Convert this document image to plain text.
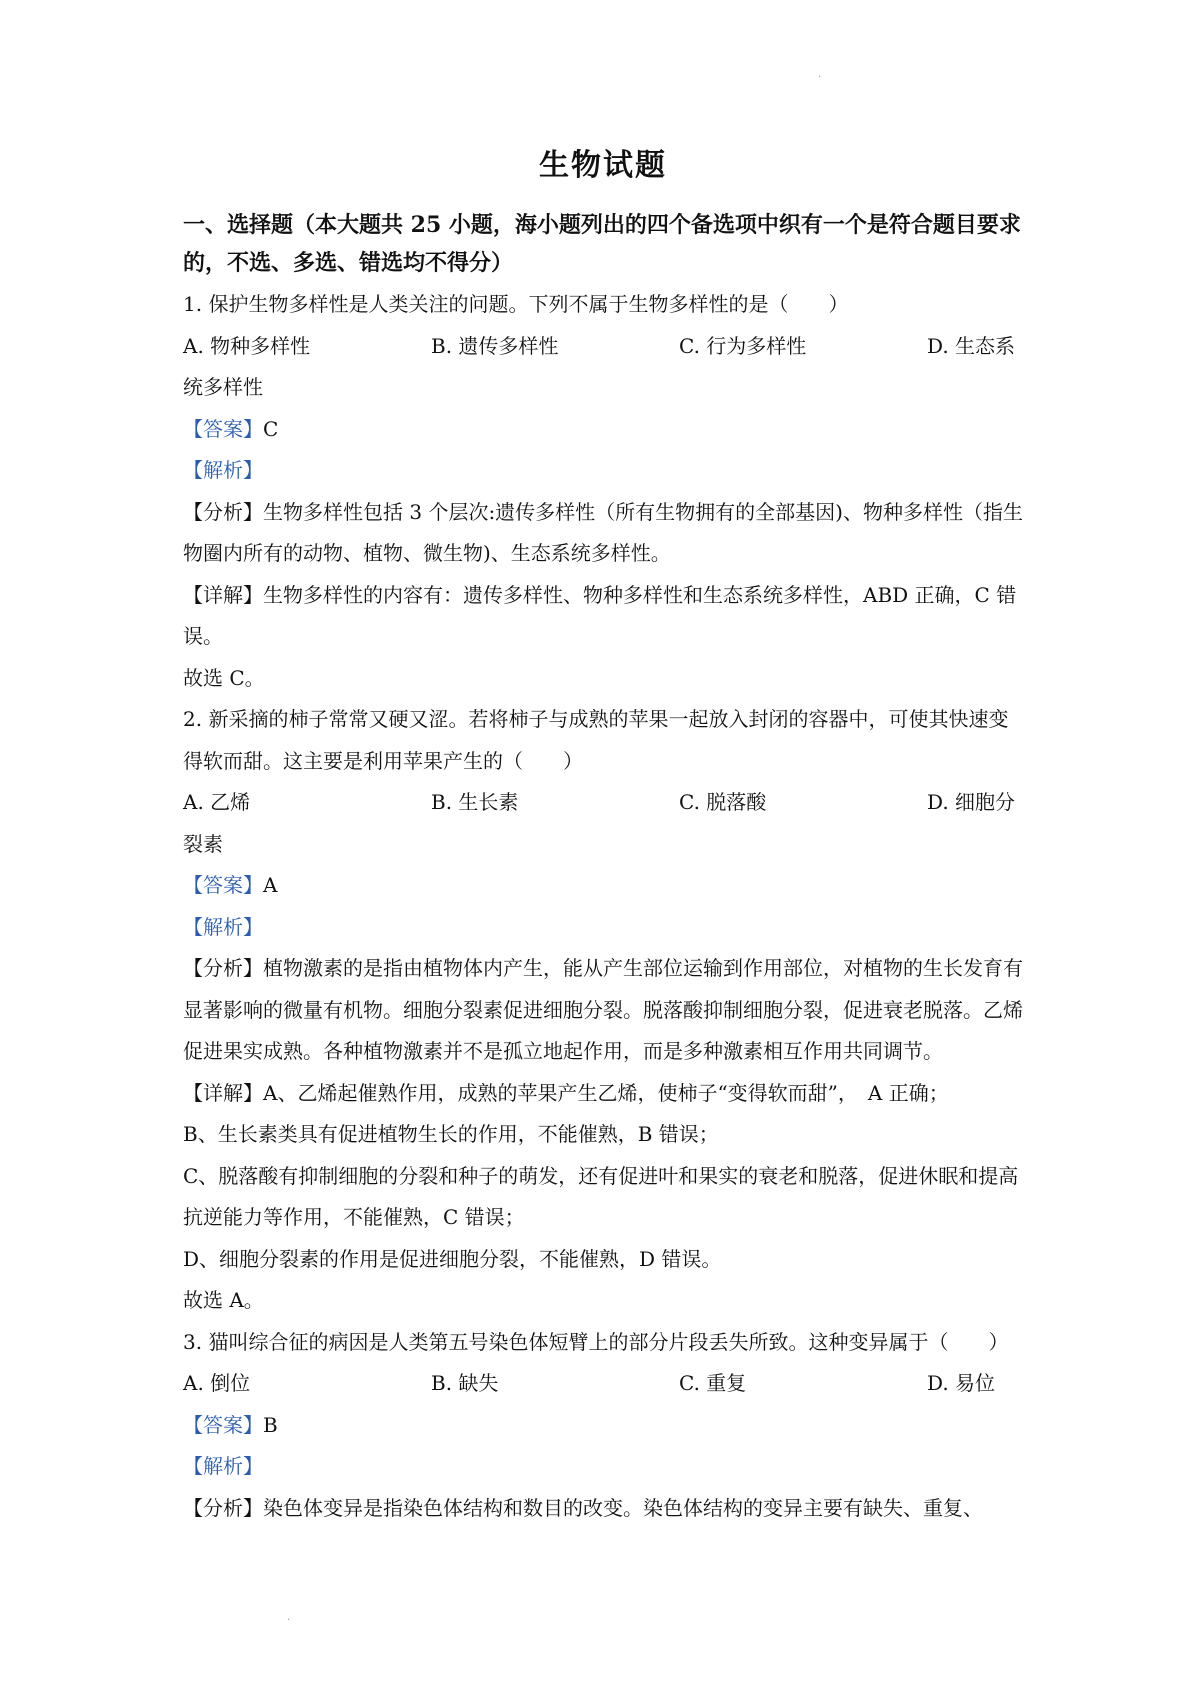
·
生物试题
一、选择题（本大题共 25 小题，海小题列出的四个备选项中织有一个是符合题目要求的，不选、多选、错选均不得分）

1. 保护生物多样性是人类关注的问题。下列不属于生物多样性的是（　　）

A. 物种多样性	B. 遗传多样性	C. 行为多样性	D. 生态系

统多样性

【答案】C

【解析】

【分析】生物多样性包括 3 个层次:遗传多样性（所有生物拥有的全部基因)、物种多样性（指生物圈内所有的动物、植物、微生物)、生态系统多样性。

【详解】生物多样性的内容有：遗传多样性、物种多样性和生态系统多样性，ABD 正确，C 错误。

故选 C。

2. 新采摘的柿子常常又硬又涩。若将柿子与成熟的苹果一起放入封闭的容器中，可使其快速变得软而甜。这主要是利用苹果产生的（　　）

A. 乙烯	B. 生长素	C. 脱落酸	D. 细胞分

裂素

【答案】A

【解析】

【分析】植物激素的是指由植物体内产生，能从产生部位运输到作用部位，对植物的生长发育有显著影响的微量有机物。细胞分裂素促进细胞分裂。脱落酸抑制细胞分裂，促进衰老脱落。乙烯促进果实成熟。各种植物激素并不是孤立地起作用，而是多种激素相互作用共同调节。

【详解】A、乙烯起催熟作用，成熟的苹果产生乙烯，使柿子“变得软而甜”，　A 正确；

B、生长素类具有促进植物生长的作用，不能催熟，B 错误；

C、脱落酸有抑制细胞的分裂和种子的萌发，还有促进叶和果实的衰老和脱落，促进休眠和提高抗逆能力等作用，不能催熟，C 错误；

D、细胞分裂素的作用是促进细胞分裂，不能催熟，D 错误。

故选 A。

3. 猫叫综合征的病因是人类第五号染色体短臂上的部分片段丢失所致。这种变异属于（　　）

A. 倒位	B. 缺失	C. 重复	D. 易位

【答案】B

【解析】

【分析】染色体变异是指染色体结构和数目的改变。染色体结构的变异主要有缺失、重复、

·
